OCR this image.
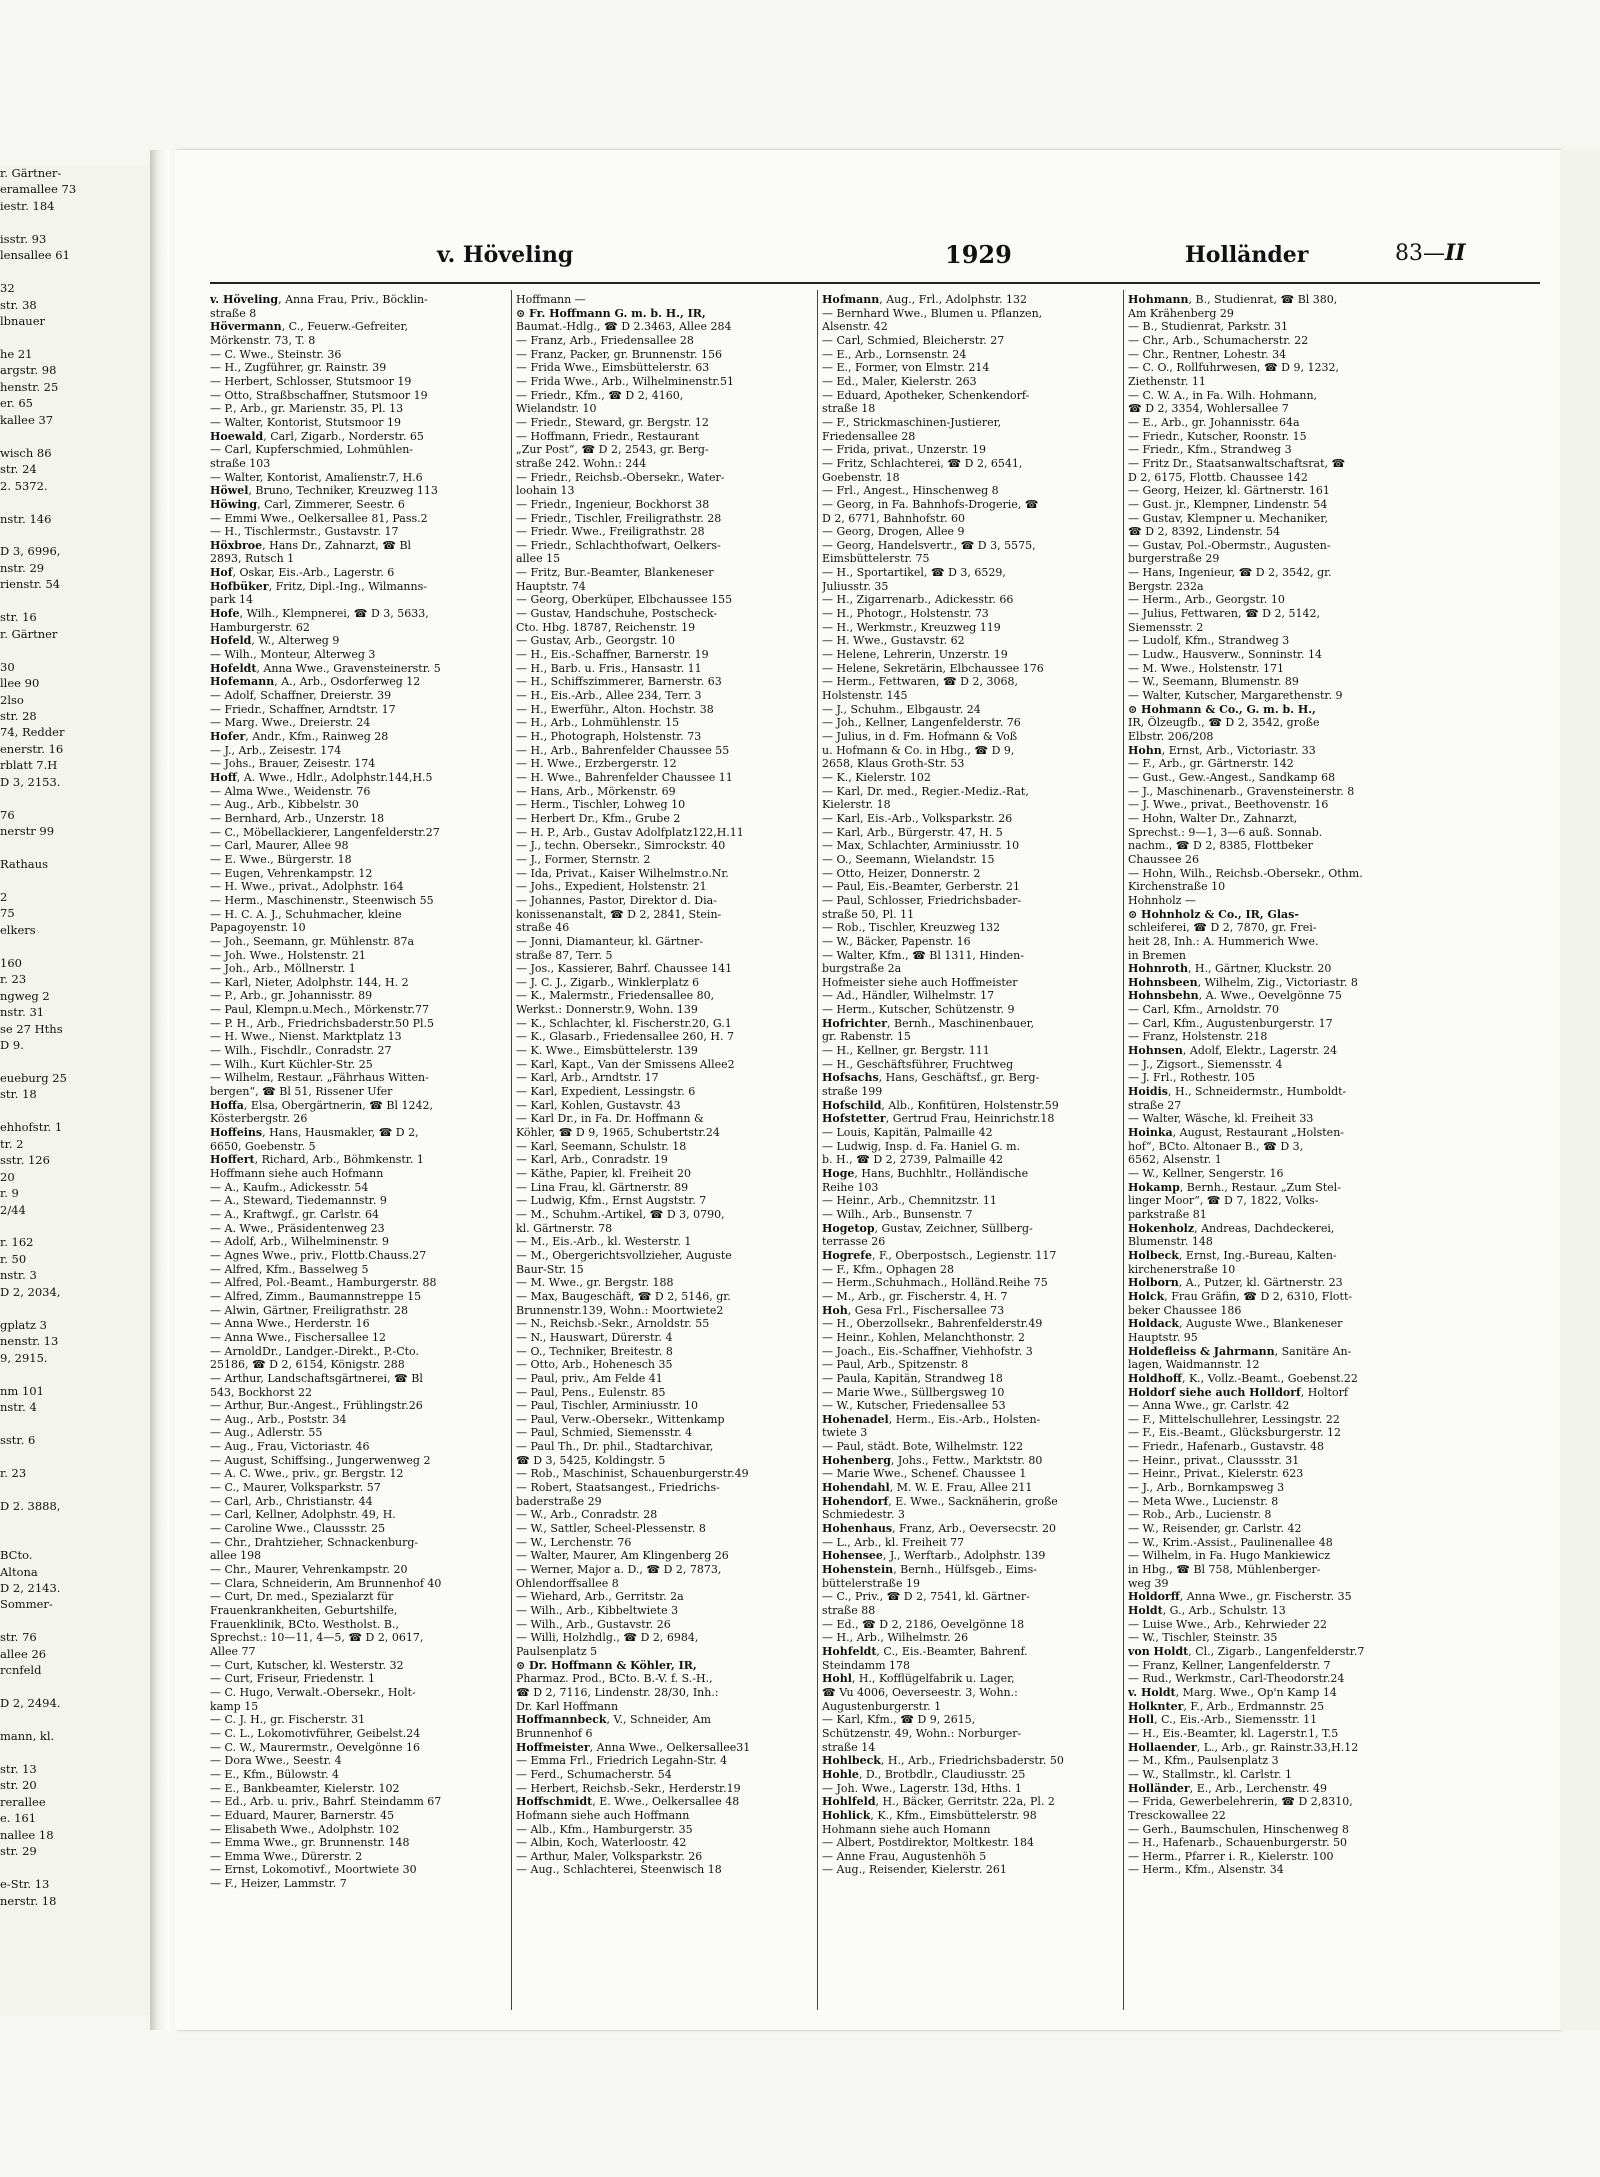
r. Gärtner-
eramallee 73
iestr. 184

isstr. 93
lensallee 61

32
str. 38
lbnauer

he 21
argstr. 98
henstr. 25
er. 65
kallee 37

wisch 86
str. 24
2. 5372.

nstr. 146

D 3, 6996,
nstr. 29
rienstr. 54

str. 16
r. Gärtner

30
llee 90
2lso
str. 28
74, Redder
enerstr. 16
rblatt 7.H
D 3, 2153.

76
nerstr 99

Rathaus

2
75
elkers

160
r. 23
ngweg 2
nstr. 31
se 27 Hths
D 9.

eueburg 25
str. 18

ehhofstr. 1
tr. 2
sstr. 126
20
r. 9
2/44

r. 162
r. 50
nstr. 3
D 2, 2034,

gplatz 3
nenstr. 13
9, 2915.

nm 101
nstr. 4

sstr. 6

r. 23

D 2. 3888,

BCto.
Altona
D 2, 2143.
Sommer-

str. 76
allee 26
rcnfeld

D 2, 2494.

mann, kl.

str. 13
str. 20
rerallee
e. 161
nallee 18
str. 29

e-Str. 13
nerstr. 18
v. Höveling	1929	Holländer	83—II
v. Höveling, Anna Frau, Priv., Böcklin-
straße 8
Hövermann, C., Feuerw.-Gefreiter,
Mörkenstr. 73, T. 8
— C. Wwe., Steinstr. 36
— H., Zugführer, gr. Rainstr. 39
— Herbert, Schlosser, Stutsmoor 19
— Otto, Straßbschaffner, Stutsmoor 19
— P., Arb., gr. Marienstr. 35, Pl. 13
— Walter, Kontorist, Stutsmoor 19
Hoewald, Carl, Zigarb., Norderstr. 65
— Carl, Kupferschmied, Lohmühlen-
straße 103
— Walter, Kontorist, Amalienstr.7, H.6
Höwel, Bruno, Techniker, Kreuzweg 113
Höwing, Carl, Zimmerer, Seestr. 6
— Emmi Wwe., Oelkersallee 81, Pass.2
— H., Tischlermstr., Gustavstr. 17
Höxbroe, Hans Dr., Zahnarzt, ☎ Bl
2893, Rutsch 1
Hof, Oskar, Eis.-Arb., Lagerstr. 6
Hofbüker, Fritz, Dipl.-Ing., Wilmanns-
park 14
Hofe, Wilh., Klempnerei, ☎ D 3, 5633,
Hamburgerstr. 62
Hofeld, W., Alterweg 9
— Wilh., Monteur, Alterweg 3
Hofeldt, Anna Wwe., Gravensteinerstr. 5
Hofemann, A., Arb., Osdorferweg 12
— Adolf, Schaffner, Dreierstr. 39
— Friedr., Schaffner, Arndtstr. 17
— Marg. Wwe., Dreierstr. 24
Hofer, Andr., Kfm., Rainweg 28
— J., Arb., Zeisestr. 174
— Johs., Brauer, Zeisestr. 174
Hoff, A. Wwe., Hdlr., Adolphstr.144,H.5
— Alma Wwe., Weidenstr. 76
— Aug., Arb., Kibbelstr. 30
— Bernhard, Arb., Unzerstr. 18
— C., Möbellackierer, Langenfelderstr.27
— Carl, Maurer, Allee 98
— E. Wwe., Bürgerstr. 18
— Eugen, Vehrenkampstr. 12
— H. Wwe., privat., Adolphstr. 164
— Herm., Maschinenstr., Steenwisch 55
— H. C. A. J., Schuhmacher, kleine
Papagoyenstr. 10
— Joh., Seemann, gr. Mühlenstr. 87a
— Joh. Wwe., Holstenstr. 21
— Joh., Arb., Möllnerstr. 1
— Karl, Nieter, Adolphstr. 144, H. 2
— P., Arb., gr. Johannisstr. 89
— Paul, Klempn.u.Mech., Mörkenstr.77
— P. H., Arb., Friedrichsbaderstr.50 Pl.5
— H. Wwe., Nienst. Marktplatz 13
— Wilh., Fischdlr., Conradstr. 27
— Wilh., Kurt Küchler-Str. 25
— Wilhelm, Restaur. „Fährhaus Witten-
bergen“, ☎ Bl 51, Rissener Ufer
Hoffa, Elsa, Obergärtnerin, ☎ Bl 1242,
Kösterbergstr. 26
Hoffeins, Hans, Hausmakler, ☎ D 2,
6650, Goebenstr. 5
Hoffert, Richard, Arb., Böhmkenstr. 1
Hoffmann siehe auch Hofmann
— A., Kaufm., Adickesstr. 54
— A., Steward, Tiedemannstr. 9
— A., Kraftwgf., gr. Carlstr. 64
— A. Wwe., Präsidentenweg 23
— Adolf, Arb., Wilhelminenstr. 9
— Agnes Wwe., priv., Flottb.Chauss.27
— Alfred, Kfm., Basselweg 5
— Alfred, Pol.-Beamt., Hamburgerstr. 88
— Alfred, Zimm., Baumannstreppe 15
— Alwin, Gärtner, Freiligrathstr. 28
— Anna Wwe., Herderstr. 16
— Anna Wwe., Fischersallee 12
— ArnoldDr., Landger.-Direkt., P.-Cto.
25186, ☎ D 2, 6154, Königstr. 288
— Arthur, Landschaftsgärtnerei, ☎ Bl
543, Bockhorst 22
— Arthur, Bur.-Angest., Frühlingstr.26
— Aug., Arb., Poststr. 34
— Aug., Adlerstr. 55
— Aug., Frau, Victoriastr. 46
— August, Schiffsing., Jungerwenweg 2
— A. C. Wwe., priv., gr. Bergstr. 12
— C., Maurer, Volksparkstr. 57
— Carl, Arb., Christianstr. 44
— Carl, Kellner, Adolphstr. 49, H.
— Caroline Wwe., Claussstr. 25
— Chr., Drahtzieher, Schnackenburg-
allee 198
— Chr., Maurer, Vehrenkampstr. 20
— Clara, Schneiderin, Am Brunnenhof 40
— Curt, Dr. med., Spezialarzt für
Frauenkrankheiten, Geburtshilfe,
Frauenklinik, BCto. Westholst. B.,
Sprechst.: 10—11, 4—5, ☎ D 2, 0617,
Allee 77
— Curt, Kutscher, kl. Westerstr. 32
— Curt, Friseur, Friedenstr. 1
— C. Hugo, Verwalt.-Obersekr., Holt-
kamp 15
— C. J. H., gr. Fischerstr. 31
— C. L., Lokomotivführer, Geibelst.24
— C. W., Maurermstr., Oevelgönne 16
— Dora Wwe., Seestr. 4
— E., Kfm., Bülowstr. 4
— E., Bankbeamter, Kielerstr. 102
— Ed., Arb. u. priv., Bahrf. Steindamm 67
— Eduard, Maurer, Barnerstr. 45
— Elisabeth Wwe., Adolphstr. 102
— Emma Wwe., gr. Brunnenstr. 148
— Emma Wwe., Dürerstr. 2
— Ernst, Lokomotivf., Moortwiete 30
— F., Heizer, Lammstr. 7
Hoffmann —
⊙ Fr. Hoffmann G. m. b. H., IR,
Baumat.-Hdlg., ☎ D 2.3463, Allee 284
— Franz, Arb., Friedensallee 28
— Franz, Packer, gr. Brunnenstr. 156
— Frida Wwe., Eimsbüttelerstr. 63
— Frida Wwe., Arb., Wilhelminenstr.51
— Friedr., Kfm., ☎ D 2, 4160,
Wielandstr. 10
— Friedr., Steward, gr. Bergstr. 12
— Hoffmann, Friedr., Restaurant
„Zur Post“, ☎ D 2, 2543, gr. Berg-
straße 242. Wohn.: 244
— Friedr., Reichsb.-Obersekr., Water-
loohain 13
— Friedr., Ingenieur, Bockhorst 38
— Friedr., Tischler, Freiligrathstr. 28
— Friedr. Wwe., Freiligrathstr. 28
— Friedr., Schlachthofwart, Oelkers-
allee 15
— Fritz, Bur.-Beamter, Blankeneser
Hauptstr. 74
— Georg, Oberküper, Elbchaussee 155
— Gustav, Handschuhe, Postscheck-
Cto. Hbg. 18787, Reichenstr. 19
— Gustav, Arb., Georgstr. 10
— H., Eis.-Schaffner, Barnerstr. 19
— H., Barb. u. Fris., Hansastr. 11
— H., Schiffszimmerer, Barnerstr. 63
— H., Eis.-Arb., Allee 234, Terr. 3
— H., Ewerführ., Alton. Hochstr. 38
— H., Arb., Lohmühlenstr. 15
— H., Photograph, Holstenstr. 73
— H., Arb., Bahrenfelder Chaussee 55
— H. Wwe., Erzbergerstr. 12
— H. Wwe., Bahrenfelder Chaussee 11
— Hans, Arb., Mörkenstr. 69
— Herm., Tischler, Lohweg 10
— Herbert Dr., Kfm., Grube 2
— H. P., Arb., Gustav Adolfplatz122,H.11
— J., techn. Obersekr., Simrockstr. 40
— J., Former, Sternstr. 2
— Ida, Privat., Kaiser Wilhelmstr.o.Nr.
— Johs., Expedient, Holstenstr. 21
— Johannes, Pastor, Direktor d. Dia-
konissenanstalt, ☎ D 2, 2841, Stein-
straße 46
— Jonni, Diamanteur, kl. Gärtner-
straße 87, Terr. 5
— Jos., Kassierer, Bahrf. Chaussee 141
— J. C. J., Zigarb., Winklerplatz 6
— K., Malermstr., Friedensallee 80,
Werkst.: Donnerstr.9, Wohn. 139
— K., Schlachter, kl. Fischerstr.20, G.1
— K., Glasarb., Friedensallee 260, H. 7
— K. Wwe., Eimsbüttelerstr. 139
— Karl, Kapt., Van der Smissens Allee2
— Karl, Arb., Arndtstr. 17
— Karl, Expedient, Lessingstr. 6
— Karl, Kohlen, Gustavstr. 43
— Karl Dr., in Fa. Dr. Hoffmann &
Köhler, ☎ D 9, 1965, Schubertstr.24
— Karl, Seemann, Schulstr. 18
— Karl, Arb., Conradstr. 19
— Käthe, Papier, kl. Freiheit 20
— Lina Frau, kl. Gärtnerstr. 89
— Ludwig, Kfm., Ernst Augststr. 7
— M., Schuhm.-Artikel, ☎ D 3, 0790,
kl. Gärtnerstr. 78
— M., Eis.-Arb., kl. Westerstr. 1
— M., Obergerichtsvollzieher, Auguste
Baur-Str. 15
— M. Wwe., gr. Bergstr. 188
— Max, Baugeschäft, ☎ D 2, 5146, gr.
Brunnenstr.139, Wohn.: Moortwiete2
— N., Reichsb.-Sekr., Arnoldstr. 55
— N., Hauswart, Dürerstr. 4
— O., Techniker, Breitestr. 8
— Otto, Arb., Hohenesch 35
— Paul, priv., Am Felde 41
— Paul, Pens., Eulenstr. 85
— Paul, Tischler, Arminiusstr. 10
— Paul, Verw.-Obersekr., Wittenkamp
— Paul, Schmied, Siemensstr. 4
— Paul Th., Dr. phil., Stadtarchivar,
☎ D 3, 5425, Koldingstr. 5
— Rob., Maschinist, Schauenburgerstr.49
— Robert, Staatsangest., Friedrichs-
baderstraße 29
— W., Arb., Conradstr. 28
— W., Sattler, Scheel-Plessenstr. 8
— W., Lerchenstr. 76
— Walter, Maurer, Am Klingenberg 26
— Werner, Major a. D., ☎ D 2, 7873,
Ohlendorffsallee 8
— Wiehard, Arb., Gerritstr. 2a
— Wilh., Arb., Kibbeltwiete 3
— Wilh., Arb., Gustavstr. 26
— Willi, Holzhdlg., ☎ D 2, 6984,
Paulsenplatz 5
⊙ Dr. Hoffmann & Köhler, IR,
Pharmaz. Prod., BCto. B.-V. f. S.-H.,
☎ D 2, 7116, Lindenstr. 28/30, Inh.:
Dr. Karl Hoffmann
Hoffmannbeck, V., Schneider, Am
Brunnenhof 6
Hoffmeister, Anna Wwe., Oelkersallee31
— Emma Frl., Friedrich Legahn-Str. 4
— Ferd., Schumacherstr. 54
— Herbert, Reichsb.-Sekr., Herderstr.19
Hoffschmidt, E. Wwe., Oelkersallee 48
Hofmann siehe auch Hoffmann
— Alb., Kfm., Hamburgerstr. 35
— Albin, Koch, Waterloostr. 42
— Arthur, Maler, Volksparkstr. 26
— Aug., Schlachterei, Steenwisch 18
Hofmann, Aug., Frl., Adolphstr. 132
— Bernhard Wwe., Blumen u. Pflanzen,
Alsenstr. 42
— Carl, Schmied, Bleicherstr. 27
— E., Arb., Lornsenstr. 24
— E., Former, von Elmstr. 214
— Ed., Maler, Kielerstr. 263
— Eduard, Apotheker, Schenkendorf-
straße 18
— F., Strickmaschinen-Justierer,
Friedensallee 28
— Frida, privat., Unzerstr. 19
— Fritz, Schlachterei, ☎ D 2, 6541,
Goebenstr. 18
— Frl., Angest., Hinschenweg 8
— Georg, in Fa. Bahnhofs-Drogerie, ☎
D 2, 6771, Bahnhofstr. 60
— Georg, Drogen, Allee 9
— Georg, Handelsvertr., ☎ D 3, 5575,
Eimsbüttelerstr. 75
— H., Sportartikel, ☎ D 3, 6529,
Juliusstr. 35
— H., Zigarrenarb., Adickesstr. 66
— H., Photogr., Holstenstr. 73
— H., Werkmstr., Kreuzweg 119
— H. Wwe., Gustavstr. 62
— Helene, Lehrerin, Unzerstr. 19
— Helene, Sekretärin, Elbchaussee 176
— Herm., Fettwaren, ☎ D 2, 3068,
Holstenstr. 145
— J., Schuhm., Elbgaustr. 24
— Joh., Kellner, Langenfelderstr. 76
— Julius, in d. Fm. Hofmann & Voß
u. Hofmann & Co. in Hbg., ☎ D 9,
2658, Klaus Groth-Str. 53
— K., Kielerstr. 102
— Karl, Dr. med., Regier.-Mediz.-Rat,
Kielerstr. 18
— Karl, Eis.-Arb., Volksparkstr. 26
— Karl, Arb., Bürgerstr. 47, H. 5
— Max, Schlachter, Arminiusstr. 10
— O., Seemann, Wielandstr. 15
— Otto, Heizer, Donnerstr. 2
— Paul, Eis.-Beamter, Gerberstr. 21
— Paul, Schlosser, Friedrichsbader-
straße 50, Pl. 11
— Rob., Tischler, Kreuzweg 132
— W., Bäcker, Papenstr. 16
— Walter, Kfm., ☎ Bl 1311, Hinden-
burgstraße 2a
Hofmeister siehe auch Hoffmeister
— Ad., Händler, Wilhelmstr. 17
— Herm., Kutscher, Schützenstr. 9
Hofrichter, Bernh., Maschinenbauer,
gr. Rabenstr. 15
— H., Kellner, gr. Bergstr. 111
— H., Geschäftsführer, Fruchtweg
Hofsachs, Hans, Geschäftsf., gr. Berg-
straße 199
Hofschild, Alb., Konfitüren, Holstenstr.59
Hofstetter, Gertrud Frau, Heinrichstr.18
— Louis, Kapitän, Palmaille 42
— Ludwig, Insp. d. Fa. Haniel G. m.
b. H., ☎ D 2, 2739, Palmaille 42
Hoge, Hans, Buchhltr., Holländische
Reihe 103
— Heinr., Arb., Chemnitzstr. 11
— Wilh., Arb., Bunsenstr. 7
Hogetop, Gustav, Zeichner, Süllberg-
terrasse 26
Hogrefe, F., Oberpostsch., Legienstr. 117
— F., Kfm., Ophagen 28
— Herm.,Schuhmach., Holländ.Reihe 75
— M., Arb., gr. Fischerstr. 4, H. 7
Hoh, Gesa Frl., Fischersallee 73
— H., Oberzollsekr., Bahrenfelderstr.49
— Heinr., Kohlen, Melanchthonstr. 2
— Joach., Eis.-Schaffner, Viehhofstr. 3
— Paul, Arb., Spitzenstr. 8
— Paula, Kapitän, Strandweg 18
— Marie Wwe., Süllbergsweg 10
— W., Kutscher, Friedensallee 53
Hohenadel, Herm., Eis.-Arb., Holsten-
twiete 3
— Paul, städt. Bote, Wilhelmstr. 122
Hohenberg, Johs., Fettw., Marktstr. 80
— Marie Wwe., Schenef. Chaussee 1
Hohendahl, M. W. E. Frau, Allee 211
Hohendorf, E. Wwe., Sacknäherin, große
Schmiedestr. 3
Hohenhaus, Franz, Arb., Oeversecstr. 20
— L., Arb., kl. Freiheit 77
Hohensee, J., Werftarb., Adolphstr. 139
Hohenstein, Bernh., Hülfsgeb., Eims-
büttelerstraße 19
— C., Priv., ☎ D 2, 7541, kl. Gärtner-
straße 88
— Ed., ☎ D 2, 2186, Oevelgönne 18
— H., Arb., Wilhelmstr. 26
Hohfeldt, C., Eis.-Beamter, Bahrenf.
Steindamm 178
Hohl, H., Kofflügelfabrik u. Lager,
☎ Vu 4006, Oeverseestr. 3, Wohn.:
Augustenburgerstr. 1
— Karl, Kfm., ☎ D 9, 2615,
Schützenstr. 49, Wohn.: Norburger-
straße 14
Hohlbeck, H., Arb., Friedrichsbaderstr. 50
Hohle, D., Brotbdlr., Claudiusstr. 25
— Joh. Wwe., Lagerstr. 13d, Hths. 1
Hohlfeld, H., Bäcker, Gerritstr. 22a, Pl. 2
Hohlick, K., Kfm., Eimsbüttelerstr. 98
Hohmann siehe auch Homann
— Albert, Postdirektor, Moltkestr. 184
— Anne Frau, Augustenhöh 5
— Aug., Reisender, Kielerstr. 261
Hohmann, B., Studienrat, ☎ Bl 380,
Am Krähenberg 29
— B., Studienrat, Parkstr. 31
— Chr., Arb., Schumacherstr. 22
— Chr., Rentner, Lohestr. 34
— C. O., Rollfuhrwesen, ☎ D 9, 1232,
Ziethenstr. 11
— C. W. A., in Fa. Wilh. Hohmann,
☎ D 2, 3354, Wohlersallee 7
— E., Arb., gr. Johannisstr. 64a
— Friedr., Kutscher, Roonstr. 15
— Friedr., Kfm., Strandweg 3
— Fritz Dr., Staatsanwaltschaftsrat, ☎
D 2, 6175, Flottb. Chaussee 142
— Georg, Heizer, kl. Gärtnerstr. 161
— Gust. jr., Klempner, Lindenstr. 54
— Gustav, Klempner u. Mechaniker,
☎ D 2, 8392, Lindenstr. 54
— Gustav, Pol.-Obermstr., Augusten-
burgerstraße 29
— Hans, Ingenieur, ☎ D 2, 3542, gr.
Bergstr. 232a
— Herm., Arb., Georgstr. 10
— Julius, Fettwaren, ☎ D 2, 5142,
Siemensstr. 2
— Ludolf, Kfm., Strandweg 3
— Ludw., Hausverw., Sonninstr. 14
— M. Wwe., Holstenstr. 171
— W., Seemann, Blumenstr. 89
— Walter, Kutscher, Margarethenstr. 9
⊙ Hohmann & Co., G. m. b. H.,
IR, Ölzeugfb., ☎ D 2, 3542, große
Elbstr. 206/208
Hohn, Ernst, Arb., Victoriastr. 33
— F., Arb., gr. Gärtnerstr. 142
— Gust., Gew.-Angest., Sandkamp 68
— J., Maschinenarb., Gravensteinerstr. 8
— J. Wwe., privat., Beethovenstr. 16
— Hohn, Walter Dr., Zahnarzt,
Sprechst.: 9—1, 3—6 auß. Sonnab.
nachm., ☎ D 2, 8385, Flottbeker
Chaussee 26
— Hohn, Wilh., Reichsb.-Obersekr., Othm.
Kirchenstraße 10
Hohnholz —
⊙ Hohnholz & Co., IR, Glas-
schleiferei, ☎ D 2, 7870, gr. Frei-
heit 28, Inh.: A. Hummerich Wwe.
in Bremen
Hohnroth, H., Gärtner, Kluckstr. 20
Hohnsbeen, Wilhelm, Zig., Victoriastr. 8
Hohnsbehn, A. Wwe., Oevelgönne 75
— Carl, Kfm., Arnoldstr. 70
— Carl, Kfm., Augustenburgerstr. 17
— Franz, Holstenstr. 218
Hohnsen, Adolf, Elektr., Lagerstr. 24
— J., Zigsort., Siemensstr. 4
— J. Frl., Rothestr. 105
Hoidis, H., Schneidermstr., Humboldt-
straße 27
— Walter, Wäsche, kl. Freiheit 33
Hoinka, August, Restaurant „Holsten-
hof“, BCto. Altonaer B., ☎ D 3,
6562, Alsenstr. 1
— W., Kellner, Sengerstr. 16
Hokamp, Bernh., Restaur. „Zum Stel-
linger Moor“, ☎ D 7, 1822, Volks-
parkstraße 81
Hokenholz, Andreas, Dachdeckerei,
Blumenstr. 148
Holbeck, Ernst, Ing.-Bureau, Kalten-
kirchenerstraße 10
Holborn, A., Putzer, kl. Gärtnerstr. 23
Holck, Frau Gräfin, ☎ D 2, 6310, Flott-
beker Chaussee 186
Holdack, Auguste Wwe., Blankeneser
Hauptstr. 95
Holdefleiss & Jahrmann, Sanitäre An-
lagen, Waidmannstr. 12
Holdhoff, K., Vollz.-Beamt., Goebenst.22
Holdorf siehe auch Holldorf, Holtorf
— Anna Wwe., gr. Carlstr. 42
— F., Mittelschullehrer, Lessingstr. 22
— F., Eis.-Beamt., Glücksburgerstr. 12
— Friedr., Hafenarb., Gustavstr. 48
— Heinr., privat., Claussstr. 31
— Heinr., Privat., Kielerstr. 623
— J., Arb., Bornkampsweg 3
— Meta Wwe., Lucienstr. 8
— Rob., Arb., Lucienstr. 8
— W., Reisender, gr. Carlstr. 42
— W., Krim.-Assist., Paulinenallee 48
— Wilhelm, in Fa. Hugo Mankiewicz
in Hbg., ☎ Bl 758, Mühlenberger-
weg 39
Holdorff, Anna Wwe., gr. Fischerstr. 35
Holdt, G., Arb., Schulstr. 13
— Luise Wwe., Arb., Kehrwieder 22
— W., Tischler, Steinstr. 35
von Holdt, Cl., Zigarb., Langenfelderstr.7
— Franz, Kellner, Langenfelderstr. 7
— Rud., Werkmstr., Carl-Theodorstr.24
v. Holdt, Marg. Wwe., Op'n Kamp 14
Holknter, F., Arb., Erdmannstr. 25
Holl, C., Eis.-Arb., Siemensstr. 11
— H., Eis.-Beamter, kl. Lagerstr.1, T.5
Hollaender, L., Arb., gr. Rainstr.33,H.12
— M., Kfm., Paulsenplatz 3
— W., Stallmstr., kl. Carlstr. 1
Holländer, E., Arb., Lerchenstr. 49
— Frida, Gewerbelehrerin, ☎ D 2,8310,
Tresckowallee 22
— Gerh., Baumschulen, Hinschenweg 8
— H., Hafenarb., Schauenburgerstr. 50
— Herm., Pfarrer i. R., Kielerstr. 100
— Herm., Kfm., Alsenstr. 34
